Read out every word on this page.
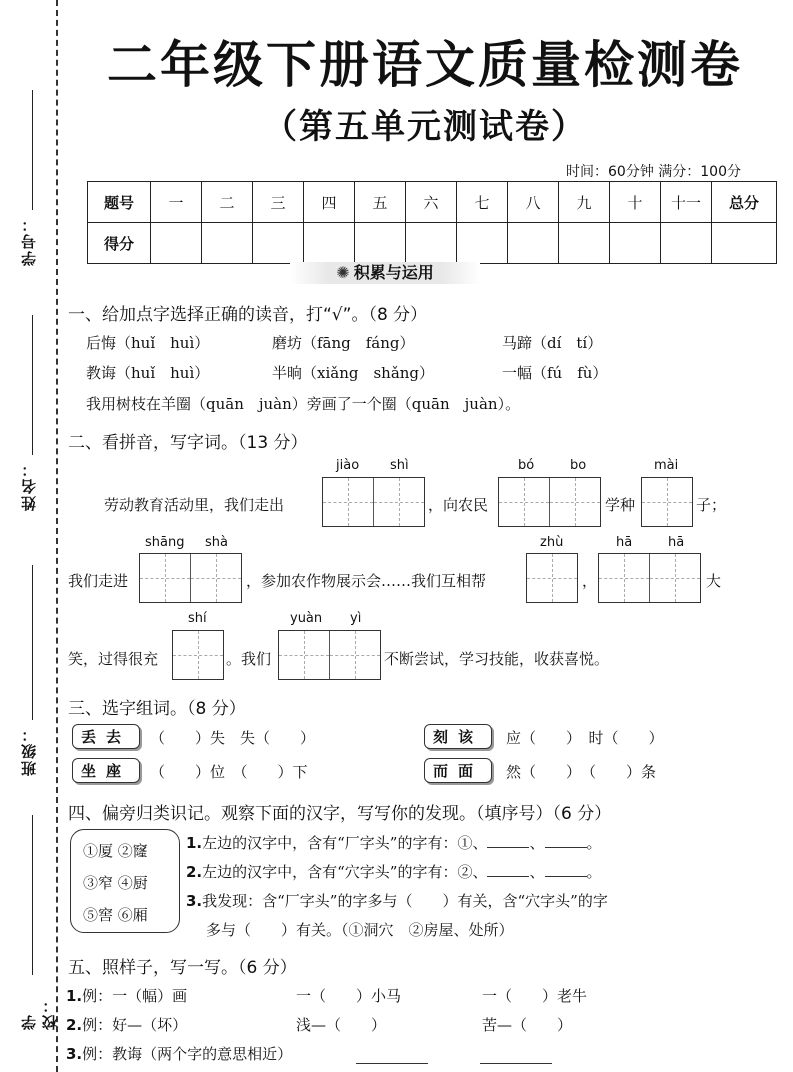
学号：
姓名：
班级：
学校：
二年级下册语文质量检测卷
（第五单元测试卷）
时间：60分钟 满分：100分
题号	一	二	三	四	五	六	七	八	九	十	十一	总分
得分												
✺ 积累与运用
一、给加点字选择正确的读音，打“√”。（8 分）
后悔（huǐ　huì）	磨坊（fāng　fáng）	马蹄（dí　tí）
教诲（huǐ　huì）	半晌（xiǎng　shǎng）	一幅（fú　fù）
我用树枝在羊圈（quān　juàn）旁画了一个圈（quān　juàn）。
二、看拼音，写字词。（13 分）
jiào shì	bó	bo	mài
劳动教育活动里，我们走出	，向农民	学种	子；
shāng shà	zhù	hā	hā
我们走进	，参加农作物展示会……我们互相帮	，	大
shí	yuàn yì
笑，过得很充	。我们	不断尝试，学习技能，收获喜悦。
三、选字组词。（8 分）
丢去	（　　）失　失（　　）	刻该	应（　　）　时（　　）
坐座	（　　）位　（　　）下	而面	然（　　）　（　　）条
四、偏旁归类识记。观察下面的汉字，写写你的发现。（填序号）（6 分）
①厦 ②窿
③窄 ④厨
⑤窖 ⑥厢
1.左边的汉字中，含有“厂字头”的字有：①、	、	。
2.左边的汉字中，含有“穴字头”的字有：②、	、	。
3.我发现：含“厂字头”的字多与（　　）有关，含“穴字头”的字
多与（　　）有关。（①洞穴　②房屋、处所）
五、照样子，写一写。（6 分）
1.例：一（幅）画	一（　　）小马	一（　　）老牛
2.例：好—（坏）	浅—（　　）	苦—（　　）
3.例：教诲（两个字的意思相近）
